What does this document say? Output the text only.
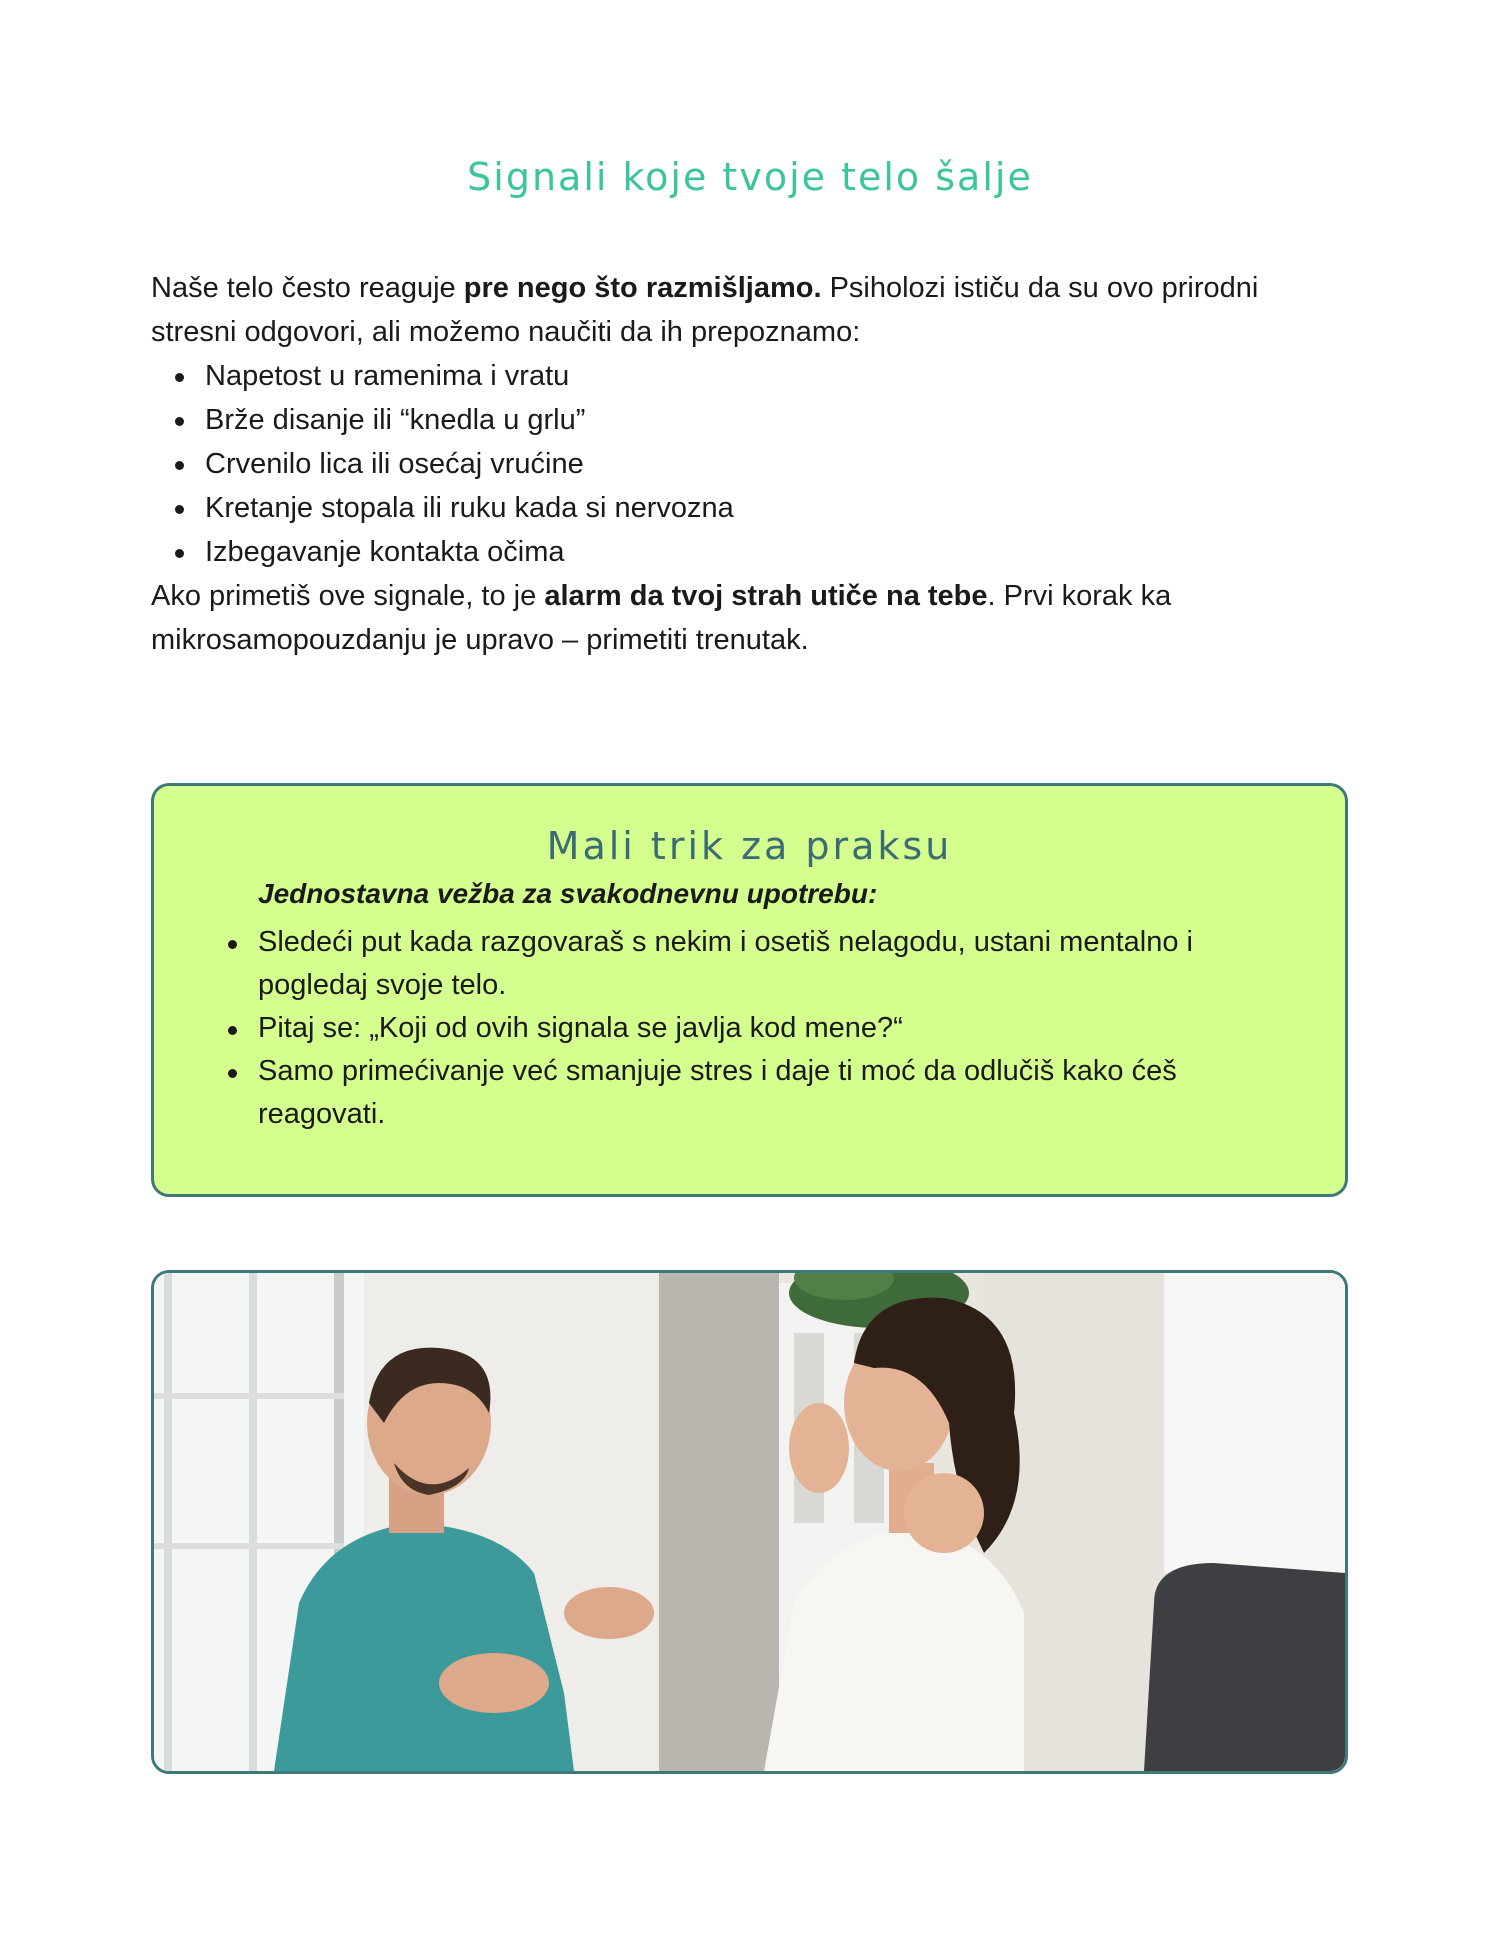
Signali koje tvoje telo šalje

Naše telo često reaguje pre nego što razmišljamo. Psiholozi ističu da su ovo prirodni stresni odgovori, ali možemo naučiti da ih prepoznamo:

Napetost u ramenima i vratu
Brže disanje ili “knedla u grlu”
Crvenilo lica ili osećaj vrućine
Kretanje stopala ili ruku kada si nervozna
Izbegavanje kontakta očima

Ako primetiš ove signale, to je alarm da tvoj strah utiče na tebe. Prvi korak ka mikrosamopouzdanju je upravo – primetiti trenutak.

Mali trik za praksu
Jednostavna vežba za svakodnevnu upotrebu:
Sledeći put kada razgovaraš s nekim i osetiš nelagodu, ustani mentalno i pogledaj svoje telo.
Pitaj se: „Koji od ovih signala se javlja kod mene?“
Samo primećivanje već smanjuje stres i daje ti moć da odlučiš kako ćeš reagovati.
